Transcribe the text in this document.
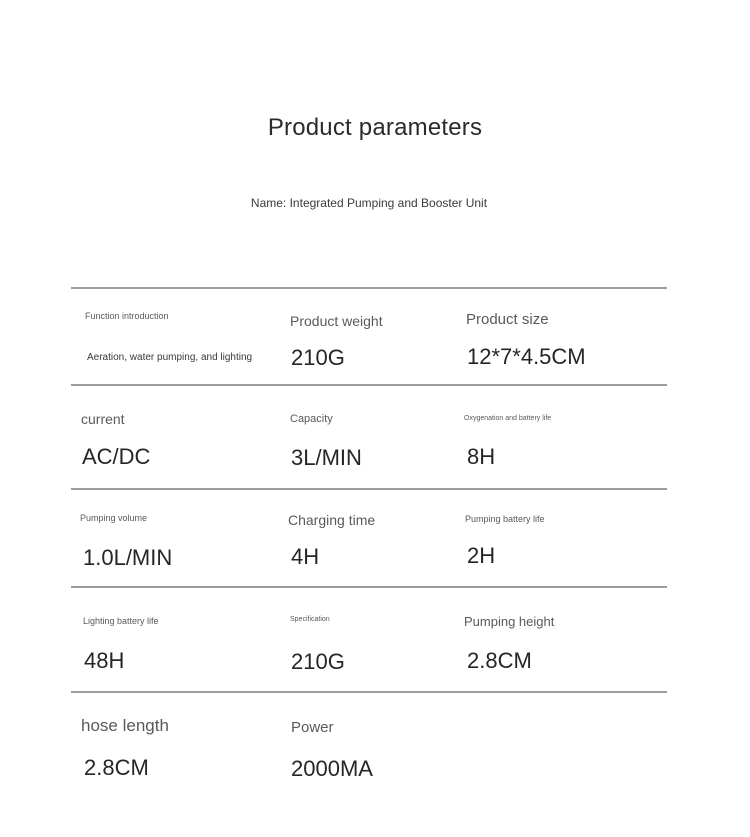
Product parameters
Name: Integrated Pumping and Booster Unit
Function introduction
Aeration, water pumping, and lighting
Product weight
210G
Product size
12*7*4.5CM
current
AC/DC
Capacity
3L/MIN
Oxygenation and battery life
8H
Pumping volume
1.0L/MIN
Charging time
4H
Pumping battery life
2H
Lighting battery life
48H
Specification
210G
Pumping height
2.8CM
hose length
2.8CM
Power
2000MA
